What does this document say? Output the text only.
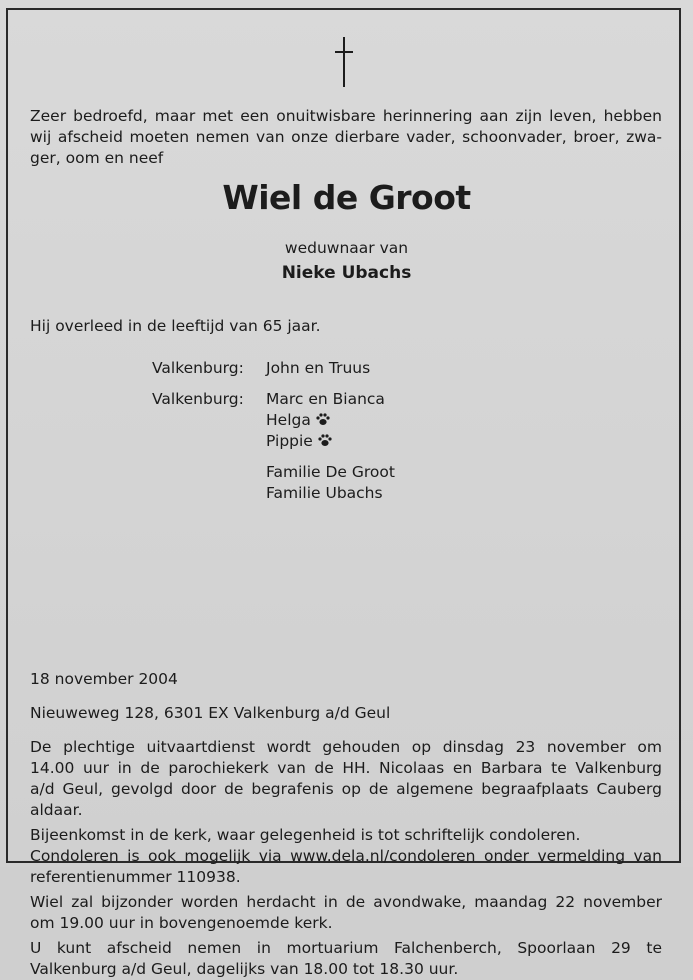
Zeer bedroefd, maar met een onuitwisbare herinnering aan zijn leven, hebben
wij afscheid moeten nemen van onze dierbare vader, schoonvader, broer, zwa-
ger, oom en neef
Wiel de Groot
weduwnaar van
Nieke Ubachs
Hij overleed in de leeftijd van 65 jaar.
Valkenburg: John en Truus
Valkenburg: Marc en Bianca
Helga
Pippie
Familie De Groot
Familie Ubachs
18 november 2004
Nieuweweg 128, 6301 EX Valkenburg a/d Geul
De plechtige uitvaartdienst wordt gehouden op dinsdag 23 november om
14.00 uur in de parochiekerk van de HH. Nicolaas en Barbara te Valkenburg
a/d Geul, gevolgd door de begrafenis op de algemene begraafplaats Cauberg
aldaar.
Bijeenkomst in de kerk, waar gelegenheid is tot schriftelijk condoleren.
Condoleren is ook mogelijk via www.dela.nl/condoleren onder vermelding van
referentienummer 110938.
Wiel zal bijzonder worden herdacht in de avondwake, maandag 22 november
om 19.00 uur in bovengenoemde kerk.
U kunt afscheid nemen in mortuarium Falchenberch, Spoorlaan 29 te
Valkenburg a/d Geul, dagelijks van 18.00 tot 18.30 uur.
